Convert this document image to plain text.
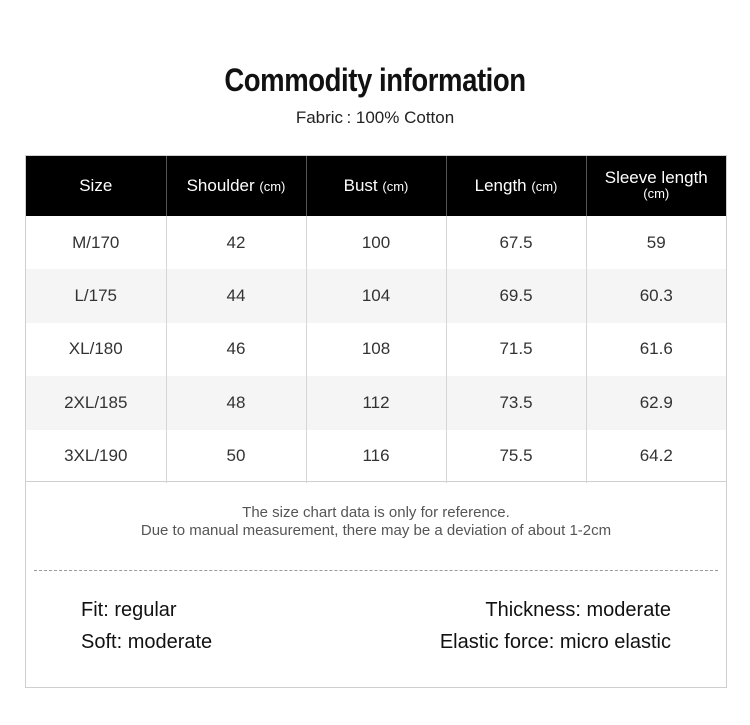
Commodity information
Fabric : 100% Cotton
Size	Shoulder (cm)	Bust (cm)	Length (cm)	Sleeve length
(cm)
M/170	42	100	67.5	59
L/175	44	104	69.5	60.3
XL/180	46	108	71.5	61.6
2XL/185	48	112	73.5	62.9
3XL/190	50	116	75.5	64.2
The size chart data is only for reference.
Due to manual measurement, there may be a deviation of about 1-2cm
Fit: regular	Thickness: moderate
Soft: moderate	Elastic force: micro elastic
